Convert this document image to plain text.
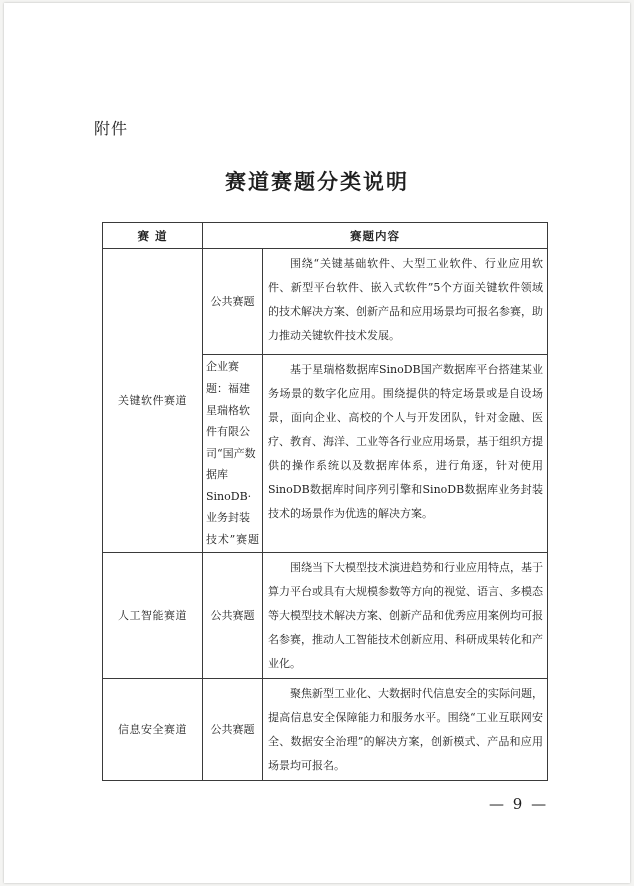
附件
赛道赛题分类说明
赛 道	赛题内容	
关键软件赛道	公共赛题	围绕“关键基础软件、大型工业软件、行业应用软件、新型平台软件、嵌入式软件”5个方面关键软件领域的技术解决方案、创新产品和应用场景均可报名参赛，助力推动关键软件技术发展。

	企业赛题：福建星瑞格软件有限公司“国产数据库SinoDB·业务封装技术”赛题	基于星瑞格数据库SinoDB国产数据库平台搭建某业务场景的数字化应用。围绕提供的特定场景或是自设场景，面向企业、高校的个人与开发团队，针对金融、医疗、教育、海洋、工业等各行业应用场景，基于组织方提供的操作系统以及数据库体系，进行角逐，针对使用SinoDB数据库时间序列引擎和SinoDB数据库业务封装技术的场景作为优选的解决方案。

人工智能赛道	公共赛题	围绕当下大模型技术演进趋势和行业应用特点，基于算力平台或具有大规模参数等方向的视觉、语言、多模态等大模型技术解决方案、创新产品和优秀应用案例均可报名参赛，推动人工智能技术创新应用、科研成果转化和产业化。

信息安全赛道	公共赛题	聚焦新型工业化、大数据时代信息安全的实际问题，提高信息安全保障能力和服务水平。围绕“工业互联网安全、数据安全治理”的解决方案，创新模式、产品和应用场景均可报名。

— 9 —
